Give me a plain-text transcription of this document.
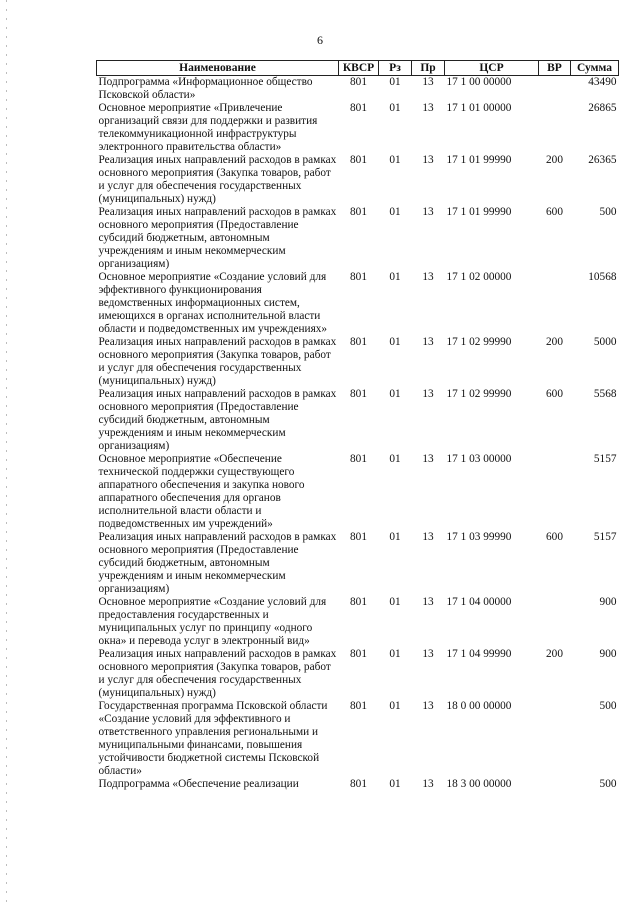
6
Наименование	КВСР	Рз	Пр	ЦСР	ВР	Сумма
Подпрограмма «Информационное общество Псковской области»	801	01	13	17 1 00 00000		43490
Основное мероприятие «Привлечение организаций связи для поддержки и развития телекоммуникационной инфраструктуры электронного правительства области»	801	01	13	17 1 01 00000		26865
Реализация иных направлений расходов в рамках основного мероприятия (Закупка товаров, работ и услуг для обеспечения государственных (муниципальных) нужд)	801	01	13	17 1 01 99990	200	26365
Реализация иных направлений расходов в рамках основного мероприятия (Предоставление субсидий бюджетным, автономным учреждениям и иным некоммерческим организациям)	801	01	13	17 1 01 99990	600	500
Основное мероприятие «Создание условий для эффективного функционирования ведомственных информационных систем, имеющихся в органах исполнительной власти области и подведомственных им учреждениях»	801	01	13	17 1 02 00000		10568
Реализация иных направлений расходов в рамках основного мероприятия (Закупка товаров, работ и услуг для обеспечения государственных (муниципальных) нужд)	801	01	13	17 1 02 99990	200	5000
Реализация иных направлений расходов в рамках основного мероприятия (Предоставление субсидий бюджетным, автономным учреждениям и иным некоммерческим организациям)	801	01	13	17 1 02 99990	600	5568
Основное мероприятие «Обеспечение технической поддержки существующего аппаратного обеспечения и закупка нового аппаратного обеспечения для органов исполнительной власти области и подведомственных им учреждений»	801	01	13	17 1 03 00000		5157
Реализация иных направлений расходов в рамках основного мероприятия (Предоставление субсидий бюджетным, автономным учреждениям и иным некоммерческим организациям)	801	01	13	17 1 03 99990	600	5157
Основное мероприятие «Создание условий для предоставления государственных и муниципальных услуг по принципу «одного окна» и перевода услуг в электронный вид»	801	01	13	17 1 04 00000		900
Реализация иных направлений расходов в рамках основного мероприятия (Закупка товаров, работ и услуг для обеспечения государственных (муниципальных) нужд)	801	01	13	17 1 04 99990	200	900
Государственная программа Псковской области «Создание условий для эффективного и ответственного управления региональными и муниципальными финансами, повышения устойчивости бюджетной системы Псковской области»	801	01	13	18 0 00 00000		500
Подпрограмма «Обеспечение реализации	801	01	13	18 3 00 00000		500
